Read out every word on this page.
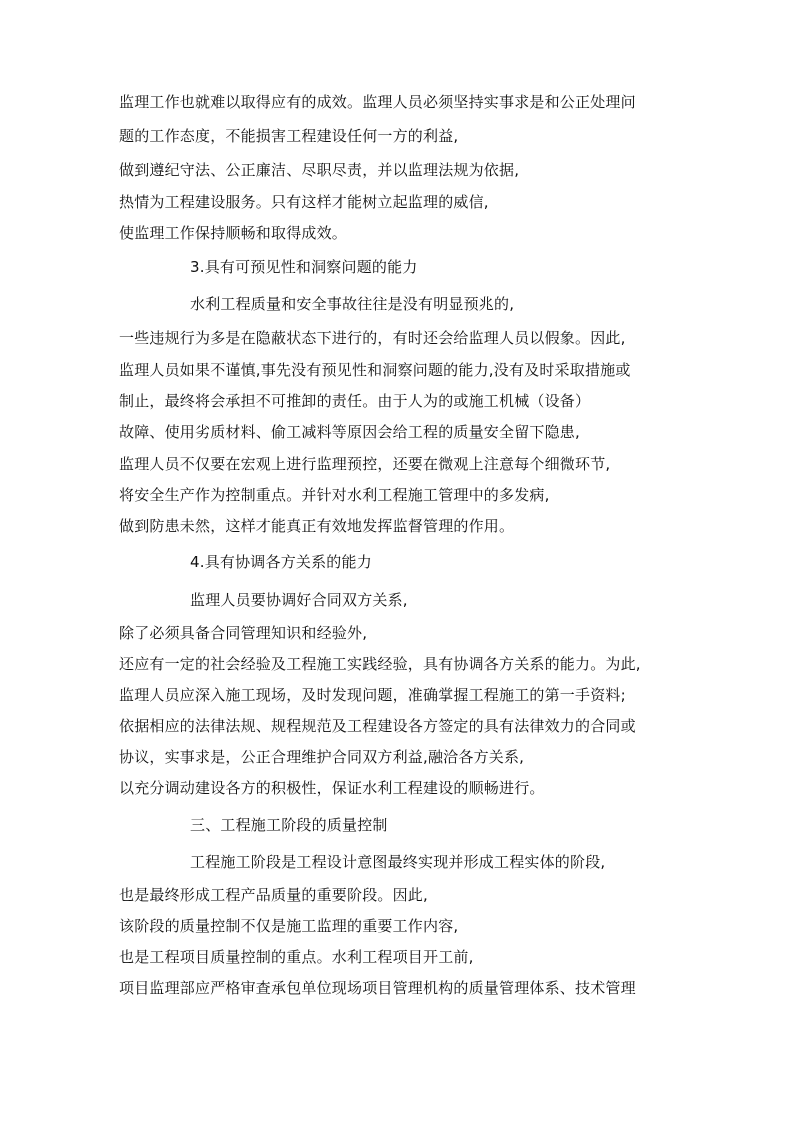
监理工作也就难以取得应有的成效。监理人员必须坚持实事求是和公正处理问
题的工作态度，不能损害工程建设任何一方的利益,
做到遵纪守法、公正廉洁、尽职尽责，并以监理法规为依据,
热情为工程建设服务。只有这样才能树立起监理的威信,
使监理工作保持顺畅和取得成效。
3.具有可预见性和洞察问题的能力
水利工程质量和安全事故往往是没有明显预兆的,
一些违规行为多是在隐蔽状态下进行的，有时还会给监理人员以假象。因此,
监理人员如果不谨慎,事先没有预见性和洞察问题的能力,没有及时采取措施或
制止，最终将会承担不可推卸的责任。由于人为的或施工机械（设备）
故障、使用劣质材料、偷工减料等原因会给工程的质量安全留下隐患,
监理人员不仅要在宏观上进行监理预控，还要在微观上注意每个细微环节,
将安全生产作为控制重点。并针对水利工程施工管理中的多发病,
做到防患未然，这样才能真正有效地发挥监督管理的作用。
4.具有协调各方关系的能力
监理人员要协调好合同双方关系,
除了必须具备合同管理知识和经验外,
还应有一定的社会经验及工程施工实践经验，具有协调各方关系的能力。为此,
监理人员应深入施工现场，及时发现问题，准确掌握工程施工的第一手资料;
依据相应的法律法规、规程规范及工程建设各方签定的具有法律效力的合同或
协议，实事求是，公正合理维护合同双方利益,融洽各方关系,
以充分调动建设各方的积极性，保证水利工程建设的顺畅进行。
三、工程施工阶段的质量控制
工程施工阶段是工程设计意图最终实现并形成工程实体的阶段,
也是最终形成工程产品质量的重要阶段。因此,
该阶段的质量控制不仅是施工监理的重要工作内容,
也是工程项目质量控制的重点。水利工程项目开工前,
项目监理部应严格审查承包单位现场项目管理机构的质量管理体系、技术管理
